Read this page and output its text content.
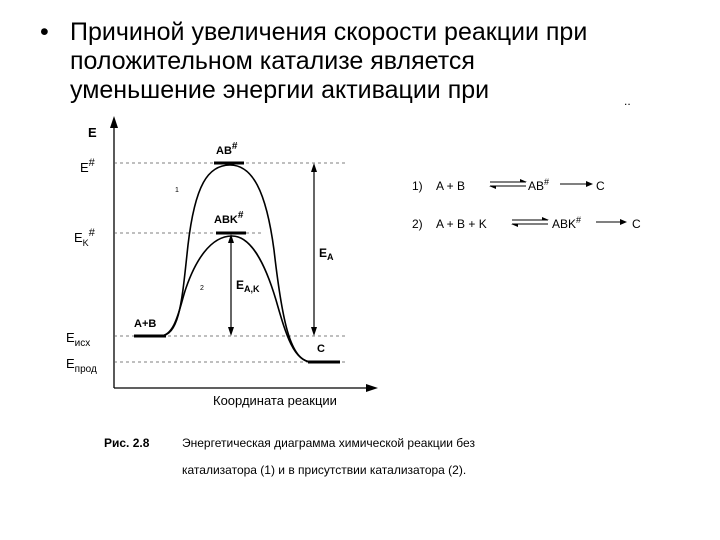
• Причиной увеличения скорости реакции при
положительном катализе является
уменьшение энергии активации при	..
E
Координата реакции
E#
$E_K^{\#}$
$E_{исх}$
$E_{прод}$
AB#
ABK#
A+B
C
1
2
$E_A$
$E_{A,K}$
1) A + B	AB#	C
2) A + B + K	ABK#	C
Рис. 2.8	Энергетическая диаграмма химической реакции без
катализатора (1) и в присутствии катализатора (2).
